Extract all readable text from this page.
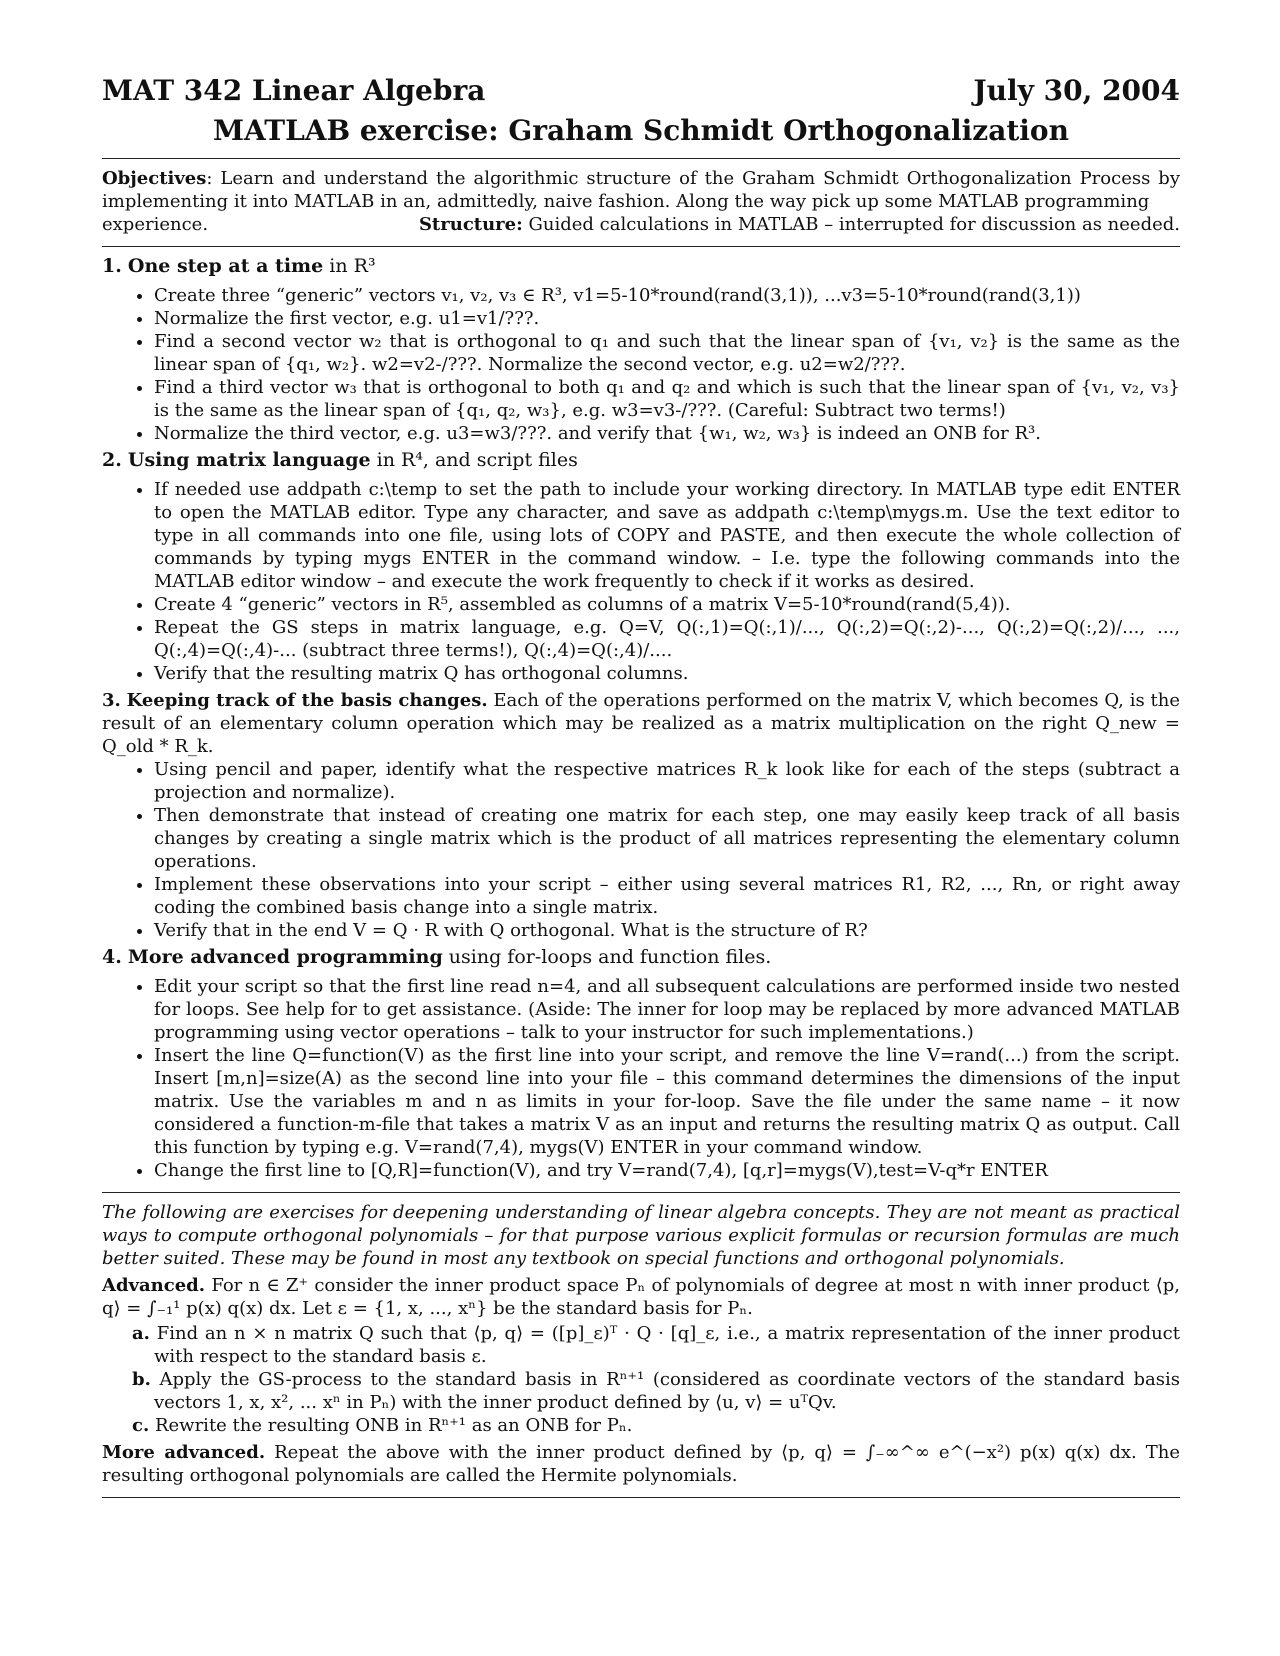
MAT 342 Linear Algebra	July 30, 2004
MATLAB exercise: Graham Schmidt Orthogonalization
Objectives: Learn and understand the algorithmic structure of the Graham Schmidt Orthogonalization Process by implementing it into MATLAB in an, admittedly, naive fashion. Along the way pick up some MATLAB programming
experience.	Structure: Guided calculations in MATLAB – interrupted for discussion as needed.
1. One step at a time in R³
• Create three “generic” vectors v₁, v₂, v₃ ∈ R³, v1=5-10*round(rand(3,1)), ...v3=5-10*round(rand(3,1))
• Normalize the first vector, e.g. u1=v1/???.
• Find a second vector w₂ that is orthogonal to q₁ and such that the linear span of {v₁, v₂} is the same as the linear span of {q₁, w₂}. w2=v2-/???. Normalize the second vector, e.g. u2=w2/???.
• Find a third vector w₃ that is orthogonal to both q₁ and q₂ and which is such that the linear span of {v₁, v₂, v₃} is the same as the linear span of {q₁, q₂, w₃}, e.g. w3=v3-/???. (Careful: Subtract two terms!)
• Normalize the third vector, e.g. u3=w3/???. and verify that {w₁, w₂, w₃} is indeed an ONB for R³.
2. Using matrix language in R⁴, and script files
• If needed use addpath c:\temp to set the path to include your working directory. In MATLAB type edit ENTER to open the MATLAB editor. Type any character, and save as addpath c:\temp\mygs.m. Use the text editor to type in all commands into one file, using lots of COPY and PASTE, and then execute the whole collection of commands by typing mygs ENTER in the command window. – I.e. type the following commands into the MATLAB editor window – and execute the work frequently to check if it works as desired.
• Create 4 “generic” vectors in R⁵, assembled as columns of a matrix V=5-10*round(rand(5,4)).
• Repeat the GS steps in matrix language, e.g. Q=V, Q(:,1)=Q(:,1)/..., Q(:,2)=Q(:,2)-..., Q(:,2)=Q(:,2)/..., ..., Q(:,4)=Q(:,4)-... (subtract three terms!), Q(:,4)=Q(:,4)/....
• Verify that the resulting matrix Q has orthogonal columns.
3. Keeping track of the basis changes. Each of the operations performed on the matrix V, which becomes Q, is the result of an elementary column operation which may be realized as a matrix multiplication on the right Q_new = Q_old * R_k.
• Using pencil and paper, identify what the respective matrices R_k look like for each of the steps (subtract a projection and normalize).
• Then demonstrate that instead of creating one matrix for each step, one may easily keep track of all basis changes by creating a single matrix which is the product of all matrices representing the elementary column operations.
• Implement these observations into your script – either using several matrices R1, R2, ..., Rn, or right away coding the combined basis change into a single matrix.
• Verify that in the end V = Q · R with Q orthogonal. What is the structure of R?
4. More advanced programming using for-loops and function files.
• Edit your script so that the first line read n=4, and all subsequent calculations are performed inside two nested for loops. See help for to get assistance. (Aside: The inner for loop may be replaced by more advanced MATLAB programming using vector operations – talk to your instructor for such implementations.)
• Insert the line Q=function(V) as the first line into your script, and remove the line V=rand(...) from the script. Insert [m,n]=size(A) as the second line into your file – this command determines the dimensions of the input matrix. Use the variables m and n as limits in your for-loop. Save the file under the same name – it now considered a function-m-file that takes a matrix V as an input and returns the resulting matrix Q as output. Call this function by typing e.g. V=rand(7,4), mygs(V) ENTER in your command window.
• Change the first line to [Q,R]=function(V), and try V=rand(7,4), [q,r]=mygs(V),test=V-q*r ENTER
The following are exercises for deepening understanding of linear algebra concepts. They are not meant as practical ways to compute orthogonal polynomials – for that purpose various explicit formulas or recursion formulas are much better suited. These may be found in most any textbook on special functions and orthogonal polynomials.
Advanced. For n ∈ Z⁺ consider the inner product space Pₙ of polynomials of degree at most n with inner product ⟨p, q⟩ = ∫₋₁¹ p(x) q(x) dx. Let ε = {1, x, ..., xⁿ} be the standard basis for Pₙ.
a. Find an n × n matrix Q such that ⟨p, q⟩ = ([p]_ε)ᵀ · Q · [q]_ε, i.e., a matrix representation of the inner product with respect to the standard basis ε.
b. Apply the GS-process to the standard basis in Rⁿ⁺¹ (considered as coordinate vectors of the standard basis vectors 1, x, x², ... xⁿ in Pₙ) with the inner product defined by ⟨u, v⟩ = uᵀQv.
c. Rewrite the resulting ONB in Rⁿ⁺¹ as an ONB for Pₙ.
More advanced. Repeat the above with the inner product defined by ⟨p, q⟩ = ∫₋∞^∞ e^(−x²) p(x) q(x) dx. The resulting orthogonal polynomials are called the Hermite polynomials.
